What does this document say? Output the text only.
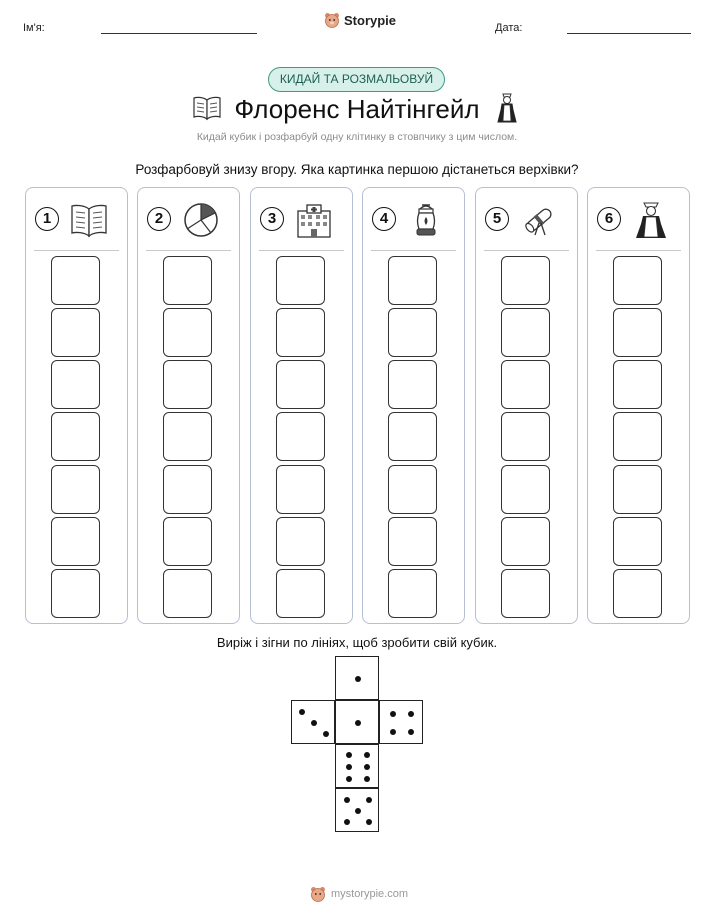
Ім'я:
Storypie
Дата:
КИДАЙ ТА РОЗМАЛЬОВУЙ
Флоренс Найтінгейл
Кидай кубик і розфарбуй одну клітинку в стовпчику з цим числом.
Розфарбовуй знизу вгору. Яка картинка першою дістанеться верхівки?
1	2	3	4	5	6
Виріж і зігни по лініях, щоб зробити свій кубик.
mystorypie.com
